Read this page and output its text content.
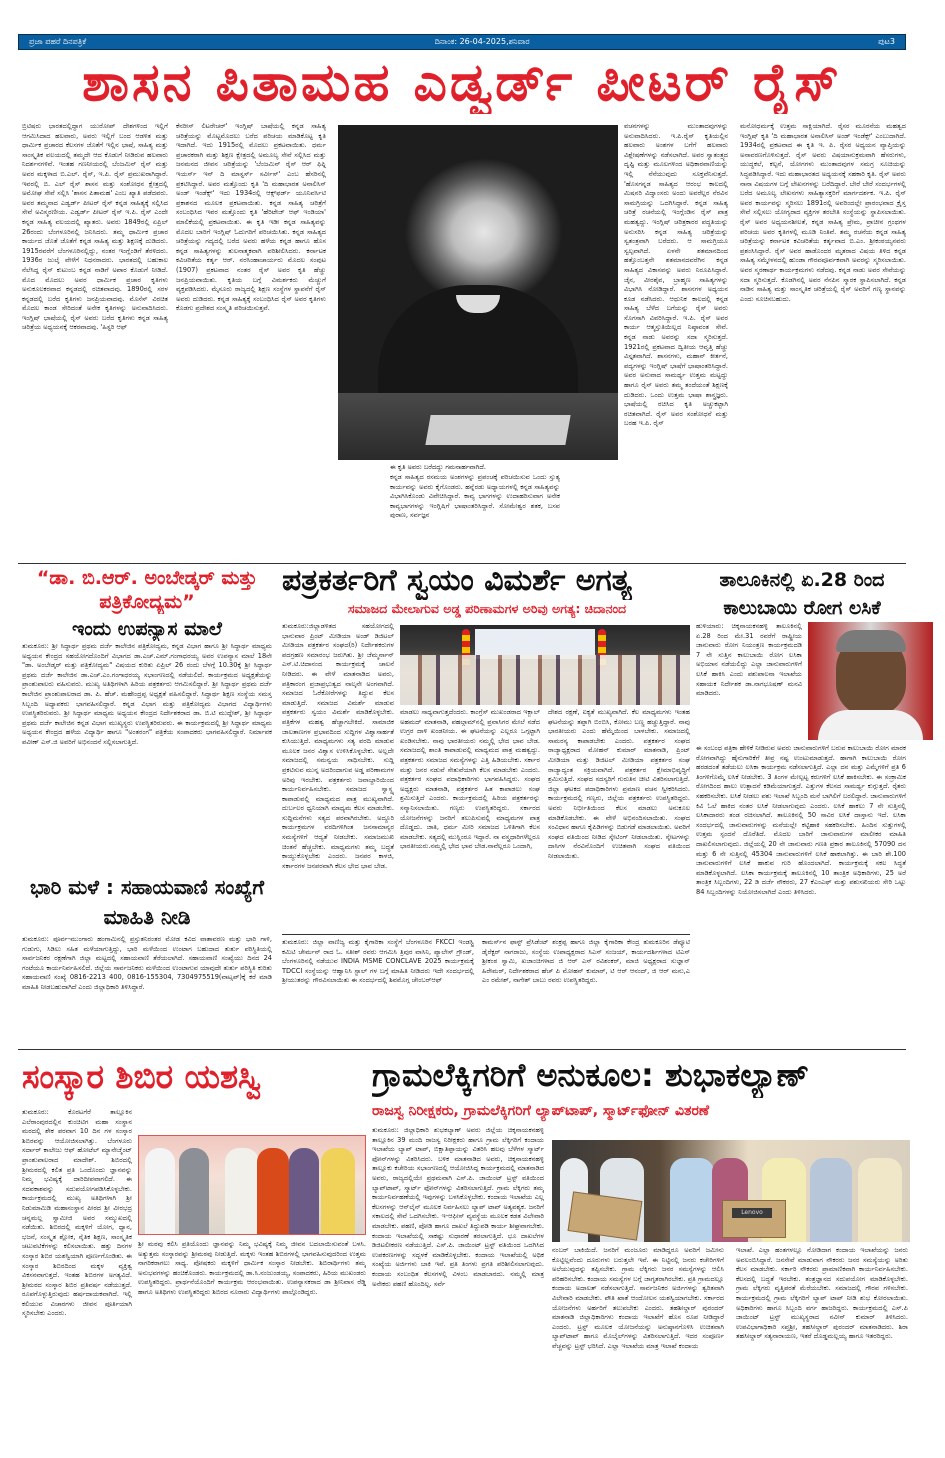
ಪ್ರಜಾ ಪಹರೆ ದಿನಪತ್ರಿಕೆ	ದಿನಾಂಕ: 26-04-2025,ಶನಿವಾರ	ಪುಟ3
ಶಾಸನ ಪಿತಾಮಹ ಎಡ್ವರ್ಡ್ ಪೀಟರ್ ರೈಸ್
ಬ್ರಿಟಿಷರು ಭಾರತದಲ್ಲಿದ್ದಾಗ ಯುರೋಪ್ ದೇಶಗಳಿಂದ ಇಲ್ಲಿಗೆ ಆಗಮಿಸಿದಾದ ಹಲವಾರು, ಅವರು ಇಲ್ಲಿಗೆ ಬಂದ ಆಡಳಿತ ಮತ್ತು ಧಾರ್ಮಿಕ ಪ್ರಚಾರದ ಕೆಲಸಗಳ ಜೊತೆಗೆ ಇಲ್ಲಿನ ಭಾಷೆ, ಸಾಹಿತ್ಯ ಮತ್ತು ಸಾಂಸ್ಕೃತಿಕ ವಲಯದಲ್ಲಿ ತಮ್ಮದೇ ಆದ ಕೊಡುಗೆ ನೀಡಿರುವ ಹಲವಾರು ನಿದರ್ಶನಗಳಿವೆ. ಇಂತಹ ಗಣನೀಯರಲ್ಲಿ ಬೆಂಜಮಿನ್ ರೈಸ್ ಮತ್ತು ಅವರ ಮಕ್ಕಳಾದ ಬಿ.ಎಲ್. ರೈಸ್, ಇ.ಪಿ. ರೈಸ್ ಪ್ರಮುಖರಾಗಿದ್ದಾರೆ. ಇವರಲ್ಲಿ ಬಿ. ಎಲ್ ರೈಸ್ ಶಾಸನ ಮತ್ತು ಸಂಶೋಧನ ಕ್ಷೇತ್ರದಲ್ಲಿ ಅಮೋಘ ಸೇವೆ ಸಲ್ಲಿಸಿ 'ಶಾಸನ ಪಿತಾಮಹ' ಎಂಬ ಖ್ಯಾತಿ ಪಡೆದವರು. ಅವರ ತಮ್ಮನಾದ ಎಡ್ವರ್ಡ್ ಪೀಟರ್ ರೈಸ್ ಕನ್ನಡ ಸಾಹಿತ್ಯಕ್ಕೆ ಸಲ್ಲಿಸಿದ ಸೇವೆ ಅವಿಸ್ಮರಣೀಯ. ಎಡ್ವರ್ಡ್ ಪೀಟರ್ ರೈಸ್ ಇ.ಪಿ. ರೈಸ್ ಎಂದೇ ಕನ್ನಡ ಸಾಹಿತ್ಯ ವಲಯದಲ್ಲಿ ಖ್ಯಾತರು. ಅವರು 1849ರಲ್ಲಿ ಏಪ್ರಿಲ್ 26ರಂದು ಬೆಂಗಳೂರಿನಲ್ಲಿ ಜನಿಸಿದರು. ತಮ್ಮ ಧಾರ್ಮಿಕ ಪ್ರಚಾರ ಕಾರ್ಯದ ಜೊತೆ ಜೊತೆಗೆ ಕನ್ನಡ ಸಾಹಿತ್ಯ ಮತ್ತು ಶಿಕ್ಷಣಕ್ಕೆ ದುಡಿದರು. 1915ರವರೆಗೆ ಬೆಂಗಳೂರಿನಲ್ಲಿದ್ದು, ನಂತರ ಇಂಗ್ಲೆಂಡಿಗೆ ತೆರಳಿದರು. 1936ರ ಜುಲೈ ವೇಳೆಗೆ ನಿಧನರಾದರು. ಭಾರತದಲ್ಲಿ ಬಹುಕಾಲ ನೆಲೆಸಿದ್ದ ರೈಸ್ ಕುಟುಂಬ ಕನ್ನಡ ನಾಡಿಗೆ ಅಪಾರ ಕೊಡುಗೆ ನೀಡಿದೆ. ಮೊದ ಮೊದಲು ಅವರ ಧಾರ್ಮಿಕ ಪ್ರಚಾರ ಕೃತಿಗಳು ಅನುಕೂಲಕರವಾದ ಕನ್ನಡದಲ್ಲಿ ರಚಿತವಾದವು. 1890ರಲ್ಲಿ ಸರಳ ಕನ್ನಡದಲ್ಲಿ ಬರೆದ ಕೃತಿಗಳು ಜನಪ್ರಿಯವಾದವು. ಮೊಸೆಸ್ ವಿರಚಿತ ಮೊದಲ ಕಾಂಡ ಸೇರಿದಂತೆ ಅನೇಕ ಕೃತಿಗಳನ್ನು ಅನುವಾದಿಸಿದರು. ಇಂಗ್ಲಿಷ್ ಭಾಷೆಯಲ್ಲಿ ರೈಸ್ ಅವರು ಬರೆದ ಕೃತಿಗಳು ಕನ್ನಡ ಸಾಹಿತ್ಯ ಚರಿತ್ರೆಯ ಅಧ್ಯಯನಕ್ಕೆ ಆಕರವಾದವು. 'ಹಿಸ್ಟರಿ ಆಫ್
ಕೆನರೀಸ್ ಲಿಟರೇಚರ್' ಇಂಗ್ಲಿಷ್ ಬಾಷೆಯಲ್ಲಿ ಕನ್ನಡ ಸಾಹಿತ್ಯ ಚರಿತ್ರೆಯನ್ನು ಮೊಟ್ಟಮೊದಲು ಬರೆದ ಪರಿಚಯ ಮಾಡಿಕೊಟ್ಟ ಕೃತಿ ಇದಾಗಿದೆ. ಇದು 1915ರಲ್ಲಿ ಮೊದಲು ಪ್ರಕಟವಾಯಿತು. ಧರ್ಮ ಪ್ರಚಾರಕರಾಗಿ ಮತ್ತು ಶಿಕ್ಷಣ ಕ್ಷೇತ್ರದಲ್ಲಿ ಅಮೂಲ್ಯ ಸೇವೆ ಸಲ್ಲಿಸಿದ ಮತ್ತು ಜನಮನದ ಜೀವನ ಚರಿತ್ರೆಯನ್ನು 'ಬೆಂಜಮಿನ್ ರೈಸ್ ಆರ್ ಫಿಫ್ಟಿ ಇಯರ್ಸ್ ಇನ್ ದಿ ಮಾಸ್ಟರ್ಸ್ ಸರ್ವೀಸ್' ಎಂಬ ಹೆಸರಿನಲ್ಲಿ ಪ್ರಕಟಿಸಿದ್ದಾರೆ. ಅವರ ಮತ್ತೊಂದು ಕೃತಿ 'ದಿ ಮಹಾಭಾರತ ಅನಾಲಿಸಿಸ್ ಅಂಡ್ ಇಂಡೆಕ್ಸ್' ಇದು 1934ರಲ್ಲಿ ಆಕ್ಸ್‌ಫರ್ಡ್ ಯೂನಿವರ್ಸಿಟಿ ಪ್ರಕಾಶನದ ಮೂಲಕ ಪ್ರಕಟವಾಯಿತು. ಕನ್ನಡ ಸಾಹಿತ್ಯ ಚರಿತ್ರೆಗೆ ಸಂಬಂಧಿಸಿದ ಇವರ ಮತ್ತೊಂದು ಕೃತಿ 'ಹೆರಿಟೇಜ್ ಆಫ್ ಇಂಡಿಯಾ' ಮಾಲಿಕೆಯಲ್ಲಿ ಪ್ರಕಟವಾಯಿತು. ಈ ಕೃತಿ ಇಡೀ ಕನ್ನಡ ಸಾಹಿತ್ಯವನ್ನು ಮೊದಲ ಬಾರಿಗೆ ಇಂಗ್ಲಿಷ್ ಓದುಗರಿಗೆ ಪರಿಚಯಿಸಿತು. ಕನ್ನಡ ಸಾಹಿತ್ಯದ ಚರಿತ್ರೆಯನ್ನು ಗದ್ಯದಲ್ಲಿ ಬರೆದ ಅವರು ಹಳೆಯ ಕನ್ನಡ ಹಾಗೂ ಹೊಸ ಕನ್ನಡ ಸಾಹಿತ್ಯಗಳನ್ನು ತುಲನಾತ್ಮಕವಾಗಿ ಪರಿಶೀಲಿಸಿದರು. ಕರ್ನಾಟಕ ಕವಿಚರಿತೆಯ ಕರ್ತೃ ಆರ್. ನರಸಿಂಹಾಚಾರ್ಯರು ಮೊದಲ ಸಂಪುಟ (1907) ಪ್ರಕಟವಾದ ನಂತರ ರೈಸ್ ಅವರ ಕೃತಿ ಹೆಚ್ಚು ಜನಪ್ರಿಯವಾಯಿತು. ಕೃತಿಯ ಬಗ್ಗೆ ವಿಮರ್ಶಕರು ಮೆಚ್ಚುಗೆ ವ್ಯಕ್ತಪಡಿಸಿದರು. ಮೈಸೂರು ರಾಜ್ಯದಲ್ಲಿ ಶಿಕ್ಷಣ ಸಂಸ್ಥೆಗಳ ಸ್ಥಾಪನೆಗೆ ರೈಸ್ ಅವರು ದುಡಿದರು. ಕನ್ನಡ ಸಾಹಿತ್ಯಕ್ಕೆ ಸಂಬಂಧಿಸಿದ ರೈಸ್ ಅವರ ಕೃತಿಗಳು ಕೊಡಗು ಪ್ರದೇಶದ ಸಂಸ್ಕೃತಿ ಪರಿಚಯಿಸುತ್ತವೆ.
ಈ ಕೃತಿ ಅವರು ಬರೆದದ್ದು ಗಮನಾರ್ಹವಾಗಿದೆ.
ಕನ್ನಡ ಸಾಹಿತ್ಯದ ರಸಮಯ ಅಂಶಗಳನ್ನು ಪ್ರಪಂಚಕ್ಕೆ ಪರಿಚಯಿಸುವ ಒಂದು ಸ್ತುತ್ಯ ಕಾರ್ಯವನ್ನು ಅವರು ಕೈಗೊಂಡರು. ಹನ್ನೆರಡು ಅಧ್ಯಾಯಗಳಲ್ಲಿ ಕನ್ನಡ ಸಾಹಿತ್ಯವನ್ನು ವಿಭಾಗಿಸಿಕೊಂಡು ವಿವೇಚಿಸಿದ್ದಾರೆ. ಕಾವ್ಯ ಭಾಗಗಳನ್ನು ಉದಾಹರಿಸುವಾಗ ಅನೇಕ ಕಾವ್ಯಭಾಗಗಳನ್ನು ಇಂಗ್ಲಿಷಿಗೆ ಭಾಷಾಂತರಿಸಿದ್ದಾರೆ. ಸೋಮೇಶ್ವರ ಶತಕ, ಬಸವ ಪುರಾಣ, ಸರ್ವಜ್ಞನ
ವಚನಗಳನ್ನು ಮುಂತಾದವುಗಳನ್ನು ಅನುವಾದಿಸಿದರು. ಇ.ಪಿ.ರೈಸ್ ಕೃತಿಯಲ್ಲಿನ ಹಲವಾರು ಅಂಶಗಳ ಬಗೆಗೆ ಹಲವಾರು ವಿಶ್ಲೇಷಣೆಗಳನ್ನು ನಡೆಸಲಾಗಿದೆ. ಅವರ ಸ್ವಾತಂತ್ರ್ಯದ ದೃಷ್ಟಿ ಮತ್ತು ಮೂಲಗಳಿಂದ ಅಧಿಕಾರವಾಣಿಯನ್ನು ಇಲ್ಲಿ ನೆನೆಯುವುದು ಸೂಕ್ತವೆನಿಸುತ್ತದೆ. 'ಹೊಸಗನ್ನಡ ಸಾಹಿತ್ಯದ ಆರಂಭ ಕಾಲದಲ್ಲಿ ಮಿಷನರಿ ವಿದ್ವಾಂಸರು ಅಂದು ಅವರೆಲ್ಲರ ನೆರವಿನ ಸಾಮಗ್ರಿಯನ್ನು ಒದಗಿಸಿದ್ದಾರೆ. ಕನ್ನಡ ಸಾಹಿತ್ಯ ಚರಿತ್ರೆ ರಚನೆಯಲ್ಲಿ ಇಂಗ್ಲೆಂಡಿನ ರೈಸ್ ಪಾತ್ರ ಮಹತ್ವದ್ದು. ಇಂಗ್ಲಿಷ್ ಚರಿತ್ರಕಾರರ ಪದ್ಧತಿಯನ್ನು ಅನುಸರಿಸಿ ಕನ್ನಡ ಸಾಹಿತ್ಯ ಚರಿತ್ರೆಯನ್ನು ಸ್ವತಂತ್ರವಾಗಿ ಬರೆದರು. ಆ ಸಾಮಗ್ರಿಯೂ ಸ್ವಲ್ಪವಾಗಿದೆ. ಏಳನೇ ಶತಮಾನದಿಂದ ಹತ್ತೊಂಬತ್ತನೇ ಶತಮಾನದವರೆಗಿನ ಕನ್ನಡ ಸಾಹಿತ್ಯದ ವಿಕಾಸವನ್ನು ಅವರು ನಿರೂಪಿಸಿದ್ದಾರೆ. ಜೈನ, ವೀರಶೈವ, ಬ್ರಾಹ್ಮಣ ಸಾಹಿತ್ಯಗಳನ್ನು ವಿಭಾಗಿಸಿ ನೋಡಿದ್ದಾರೆ. ಶಾಸನಗಳ ಅಧ್ಯಯನ ಕೂಡ ನಡೆಸಿದರು. ಆಧುನಿಕ ಕಾಲದಲ್ಲಿ ಕನ್ನಡ ಸಾಹಿತ್ಯ ಬೆಳೆದ ಬಗೆಯನ್ನು ರೈಸ್ ಅವರು ಸೊಗಸಾಗಿ ವಿವರಿಸಿದ್ದಾರೆ. ಇ.ಪಿ. ರೈಸ್ ಅವರ ಕಾರ್ಯ ಆತ್ಮಸ್ತುತಿಯಿಲ್ಲದ ನಿಷ್ಠಾವಂತ ಸೇವೆ. ಕನ್ನಡ ನಾಡು ಅವರನ್ನು ಸದಾ ಸ್ಮರಿಸುತ್ತದೆ. 1921ರಲ್ಲಿ ಪ್ರಕಟವಾದ ದ್ವಿತೀಯ ಆವೃತ್ತಿ ಹೆಚ್ಚು ವಿಸ್ತೃತವಾಗಿದೆ. ಶಾಸನಗಳು, ಮಹಾನ್ ಕೀರ್ತನೆ, ಪದ್ಯಗಳನ್ನು ಇಂಗ್ಲಿಷ್ ಭಾಷೆಗೆ ಭಾಷಾಂತರಿಸಿದ್ದಾರೆ. ಅವರ ಅನುವಾದ ಸಾಮರ್ಥ್ಯ ಉತ್ತಮ ಮಟ್ಟದ್ದು ಹಾಗೂ ರೈಸ್ ಅವರು ತಮ್ಮ ತಂದೆಯಂತೆ ಶಿಕ್ಷಣಕ್ಕೆ ದುಡಿದರು. ಒಂದು ಉತ್ತಮ ಭಾಷಾ ಶಾಸ್ತ್ರಜ್ಞರು. ಭಾಷೆಯಲ್ಲಿ ರಚಿಸಿದ ಕೃತಿ ಅಚ್ಚುಕಟ್ಟಾಗಿ ರಚಿತವಾಗಿದೆ. ರೈಸ್ ಅವರ ಸಂಶೋಧನೆ ಮತ್ತು ಬರಹ ಇ.ಪಿ. ರೈಸ್
ಮನೋಧರ್ಮಕ್ಕೆ ಉತ್ತಮ ಸಾಕ್ಷಿಯಾಗಿದೆ. ರೈಸರ ಮೂರನೆಯ ಮಹತ್ವದ ಇಂಗ್ಲಿಷ್ ಕೃತಿ 'ದಿ ಮಹಾಭಾರತ ಅನಾಲಿಸಿಸ್ ಅಂಡ್ ಇಂಡೆಕ್ಸ್' ಎಂಬುದಾಗಿದೆ. 1934ರಲ್ಲಿ ಪ್ರಕಟವಾದ ಈ ಕೃತಿ ಇ. ಪಿ. ರೈಸರ ಅಧ್ಯಯನ ವ್ಯಾಪ್ತಿಯನ್ನು ಅನಾವರಣಗೊಳಿಸುತ್ತದೆ. ರೈಸ್ ಅವರು ವಿಷಯಾನುಕ್ರಮವಾಗಿ ಹೆಸರುಗಳು, ಯುದ್ಧಕಲೆ, ಕಲ್ಪನೆ, ಯೋಗಗಳು ಮುಂತಾದವುಗಳ ಸಮಗ್ರ ಸೂಚಿಯನ್ನು ಸಿದ್ಧಪಡಿಸಿದ್ದಾರೆ. ಇದು ಮಹಾಭಾರತದ ಅಧ್ಯಯನಕ್ಕೆ ಸಹಕಾರಿ ಕೃತಿ. ರೈಸ್ ಅವರು ನಾನಾ ವಿಷಯಗಳ ಬಗ್ಗೆ ಲೇಖನಗಳನ್ನು ಬರೆದಿದ್ದಾರೆ. ಬೇರೆ ಬೇರೆ ಸಂದರ್ಭಗಳಲ್ಲಿ ಬರೆದ ಅಮೂಲ್ಯ ಲೇಖನಗಳು ಸಾಹಿತ್ಯಾಸಕ್ತರಿಗೆ ಮಾರ್ಗದರ್ಶಕ. ಇ.ಪಿ. ರೈಸ್ ಅವರ ಕಾರ್ಯವನ್ನು ಸ್ಮರಿಸಲು 1891ರಲ್ಲಿ ಅವರಿಂದಲ್ಲೇ ಪ್ರಾರಂಭವಾದ ಕ್ರೈಸ್ತ ಸೇವೆ ಸಲ್ಲಿಸಲು ಯೋಗ್ಯರಾದ ವ್ಯಕ್ತಿಗಳ ತರಬೇತಿ ಸಂಸ್ಥೆಯನ್ನು ಸ್ಥಾಪಿಸಲಾಯಿತು. ರೈಸ್ ಅವರ ಅಧ್ಯಯನಶೀಲತೆ, ಕನ್ನಡ ಸಾಹಿತ್ಯ ಪ್ರೇಮ, ಪ್ರಾಚೀನ ಗ್ರಂಥಗಳ ಪರಿಚಯ ಅವರ ಕೃತಿಗಳಲ್ಲಿ ಮೂಡಿ ನಿಂತಿವೆ. ತಮ್ಮ ರಚನೆಯ ಕನ್ನಡ ಸಾಹಿತ್ಯ ಚರಿತ್ರೆಯನ್ನು ಕರ್ನಾಟಕ ಕವಿಚರಿತೆಯ ಕರ್ತೃವಾದ ಬಿ.ಎಂ. ಶ್ರೀಕಂಠಯ್ಯನವರು ಪ್ರಶಂಸಿಸಿದ್ದಾರೆ. ರೈಸ್ ಅವರ ಹಾಡೊಂದರ ಮೃತರಾದ ವಿಷಯ ತಿಳಿದ ಕನ್ನಡ ಸಾಹಿತ್ಯ ಸಮ್ಮೇಳನದಲ್ಲಿ ಹುಂಡಾ ಗೌರವಪೂರ್ವಕವಾಗಿ ಅವರನ್ನು ಸ್ಮರಿಸಲಾಯಿತು. ಅವರ ಸ್ಮರಣಾರ್ಥ ಕಾರ್ಯಕ್ರಮಗಳು ನಡೆದವು. ಕನ್ನಡ ನಾಡು ಅವರ ಸೇವೆಯನ್ನು ಸದಾ ಸ್ಮರಿಸುತ್ತದೆ. ಕೊಡಗಿನಲ್ಲಿ ಅವರ ನೆನಪಿನ ಸ್ಮಾರಕ ಸ್ಥಾಪಿಸಲಾಗಿದೆ. ಕನ್ನಡ ನಾಡಿನ ಸಾಹಿತ್ಯ ಮತ್ತು ಸಾಂಸ್ಕೃತಿಕ ಚರಿತ್ರೆಯಲ್ಲಿ ರೈಸ್ ಅವರಿಗೆ ಗಣ್ಯ ಸ್ಥಾನವನ್ನು ಎಂದು ಸೂಚಿಸಬಹುದು.
“ಡಾ. ಬಿ.ಆರ್. ಅಂಬೇಡ್ಕರ್ ಮತ್ತು ಪತ್ರಿಕೋದ್ಯಮ”
ಇಂದು ಉಪನ್ಯಾಸ ಮಾಲೆ
ತುಮಕೂರು: ಶ್ರೀ ಸಿದ್ಧಾರ್ಥ ಪ್ರಥಮ ದರ್ಜೆ ಕಾಲೇಜಿನ ಪತ್ರಿಕೋದ್ಯಮ, ಕನ್ನಡ ವಿಭಾಗ ಹಾಗೂ ಶ್ರೀ ಸಿದ್ಧಾರ್ಥ ಮಾಧ್ಯಮ ಅಧ್ಯಯನ ಕೇಂದ್ರದ ಸಹಯೋಗದೊಂದಿಗೆ ವಿಭಾಗದ ಡಾ.ಎಚ್.ಎಮ್.ಗಂಗಾಧರಯ್ಯ ಅವರ ಉಪನ್ಯಾಸ ಮಾಲೆ 18ನೇ "ಡಾ. ಅಂಬೇಡ್ಕರ್ ಮತ್ತು ಪತ್ರಿಕೋದ್ಯಮ" ವಿಷಯದ ಕುರಿತು ಏಪ್ರಿಲ್ 26 ರಂದು ಬೆಳಗ್ಗೆ 10.30ಕ್ಕೆ ಶ್ರೀ ಸಿದ್ಧಾರ್ಥ ಪ್ರಥಮ ದರ್ಜೆ ಕಾಲೇಜಿನ ಡಾ.ಎಚ್.ಎಂ.ಗಂಗಾಧರಯ್ಯ ಸಭಾಂಗಣದಲ್ಲಿ ನಡೆಯಲಿದೆ. ಕಾರ್ಯಕ್ರಮದ ಅಧ್ಯಕ್ಷತೆಯನ್ನು ಪ್ರಾಂಶುಪಾಲರು ವಹಿಸುವರು. ಮುಖ್ಯ ಅತಿಥಿಗಳಾಗಿ ಹಿರಿಯ ಪತ್ರಕರ್ತರು ಆಗಮಿಸಲಿದ್ದಾರೆ. ಶ್ರೀ ಸಿದ್ಧಾರ್ಥ ಪ್ರಥಮ ದರ್ಜೆ ಕಾಲೇಜಿನ ಪ್ರಾಂಶುಪಾಲರಾದ ಡಾ. ಪಿ. ಹೆಚ್. ಮಹೇಂದ್ರಪ್ಪ ಅಧ್ಯಕ್ಷತೆ ವಹಿಸಲಿದ್ದಾರೆ. ಸಿದ್ಧಾರ್ಥ ಶಿಕ್ಷಣ ಸಂಸ್ಥೆಯ ಸಮಸ್ತ ಸಿಬ್ಬಂದಿ ಅಧ್ಯಾಪಕರು ಭಾಗವಹಿಸಲಿದ್ದಾರೆ. ಕನ್ನಡ ವಿಭಾಗ ಮತ್ತು ಪತ್ರಿಕೋದ್ಯಮ ವಿಭಾಗದ ವಿದ್ಯಾರ್ಥಿಗಳು ಉಪಸ್ಥಿತರಿರುವರು. ಶ್ರೀ ಸಿದ್ಧಾರ್ಥ ಮಾಧ್ಯಮ ಅಧ್ಯಯನ ಕೇಂದ್ರದ ನಿರ್ದೇಶಕರಾದ ಡಾ. ಬಿ.ಟಿ ಮುದ್ದೇಶ್, ಶ್ರೀ ಸಿದ್ಧಾರ್ಥ ಪ್ರಥಮ ದರ್ಜೆ ಕಾಲೇಜಿನ ಕನ್ನಡ ವಿಭಾಗ ಮುಖ್ಯಸ್ಥರು ಉಪಸ್ಥಿತರಿರುವರು. ಈ ಕಾರ್ಯಕ್ರಮದಲ್ಲಿ ಶ್ರೀ ಸಿದ್ಧಾರ್ಥ ಮಾಧ್ಯಮ ಅಧ್ಯಯನ ಕೇಂದ್ರದ ಹಳೆಯ ವಿದ್ಯಾರ್ಥಿ ಹಾಗೂ "ಅಂತರಂಗ" ಪತ್ರಿಕೆಯ ಸಂಪಾದಕರು ಭಾಗವಹಿಸಲಿದ್ದಾರೆ. ನಿರ್ಮಾಪಕ ಪವೀಣ್ ಎಸ್.ಜಿ ಅವರಿಗೆ ಅಭಿನಂದನೆ ಸಲ್ಲಿಸಲಾಗುತ್ತಿದೆ.
ಭಾರಿ ಮಳೆ : ಸಹಾಯವಾಣಿ ಸಂಖ್ಯೆಗೆ ಮಾಹಿತಿ ನೀಡಿ
ತುಮಕೂರು: ಪೂರ್ವ-ಮುಂಗಾರು ಹಂಗಾಮಿನಲ್ಲಿ ಪ್ರಸ್ತುತನಿರಂತರ ಮೋಡ ಕವಿದ ವಾತಾವರಣ ಮತ್ತು ಭಾರಿ ಗಾಳಿ, ಗುಡುಗು, ಸಿಡಿಲು ಸಹಿತ ಮಳೆಯಾಗುತ್ತಿದ್ದು, ಭಾರಿ ಮಳೆಯಿಂದ ಉಂಟಾಗ ಬಹುದಾದ ತುರ್ತು ಪರಿಸ್ಥಿತಿಯಲ್ಲಿ ಸಾರ್ವಜನಿಕರ ರಕ್ಷಣೆಗಾಗಿ ಜಿಲ್ಲಾ ಮಟ್ಟದಲ್ಲಿ ಸಹಾಯವಾಣಿ ತೆರೆಯಲಾಗಿದೆ. ಸಹಾಯವಾಣಿ ಸಂಖ್ಯೆಯು ದಿನದ 24 ಗಂಟೆಯೂ ಕಾರ್ಯನಿರ್ವಹಿಸಲಿದೆ. ಜಿಲ್ಲೆಯ ಸಾರ್ವಜನಿಕರು ಮಳೆಯಿಂದ ಉಂಟಾಗುವ ಯಾವುದೇ ತುರ್ತು ಪರಿಸ್ಥಿತಿ ಕುರಿತು ಸಹಾಯವಾಣಿ ಸಂಖ್ಯೆ 0816-2213 400, 0816-155304, 7304975519(ವಾಟ್ಸಪ್)ಕ್ಕೆ ಕರೆ ಮಾಡಿ ಮಾಹಿತಿ ನೀಡಬಹುದಾಗಿದೆ ಎಂದು ಜಿಲ್ಲಾಧಿಕಾರಿ ತಿಳಿಸಿದ್ದಾರೆ.
ಪತ್ರಕರ್ತರಿಗೆ ಸ್ವಯಂ ವಿಮರ್ಶೆ ಅಗತ್ಯ
ಸಮಾಜದ ಮೇಲಾಗುವ ಅಡ್ಡ ಪರಿಣಾಮಗಳ ಅರಿವು ಅಗತ್ಯ: ಚಿದಾನಂದ
ತುಮಕೂರು:ಜಿಲ್ಲಾಡಳಿತದ ಸಹಯೋಗದಲ್ಲಿ ಭಾನುವಾರ ಪ್ರಿಂಟ್ ಮೀಡಿಯಾ ಅಂಡ್ ಡಿಜಿಟಲ್ ಮೀಡಿಯಾ ಪತ್ರಕರ್ತರ ಸಂಘದ(ರಿ) ನಿರ್ದೇಶಕರುಗಳ ಪದಗ್ರಹಣ ಸಮಾರಂಭ ಜರುಗಿತು. ಶ್ರೀ ಜೆಮ್ಮರ್ನಾನ್ ಎಸ್.ಟಿ.ಚಿದಾನಂದ ಕಾರ್ಯಕ್ರಮಕ್ಕೆ ಚಾಲನೆ ನೀಡಿದರು. ಈ ವೇಳೆ ಮಾತನಾಡಿದ ಅವರು, ಪತ್ರಿಕಾರಂಗ ಪ್ರಜಾಪ್ರಭುತ್ವದ ನಾಲ್ಕನೇ ಅಂಗವಾಗಿದೆ. ಸಮಾಜದ ಓರೆಕೋರೆಗಳನ್ನು ತಿದ್ದುವ ಕೆಲಸ ಮಾಡುತ್ತಿದೆ. ಸಮಾಜದ ವಿಮರ್ಶೆ ಮಾಡುವ ಪತ್ರಕರ್ತರು ಸ್ವಯಂ ವಿಮರ್ಶೆ ಮಾಡಿಕೊಳ್ಳಬೇಕು. ಪತ್ರಿಕೆಗಳ ಮಹತ್ವ ಹೆಚ್ಚಾಗಬೇಕಿದೆ. ಸಾಮಾಜಿಕ ಜಾಲತಾಣಗಳ ಪ್ರಭಾವದಿಂದ ಸುದ್ದಿಗಳ ವಿಶ್ವಾಸಾರ್ಹತೆ ಕುಸಿಯುತ್ತಿದೆ. ಮಾಧ್ಯಮಗಳು ಸತ್ಯ ವರದಿ ಮಾಡುವ ಮೂಲಕ ಜನರ ವಿಶ್ವಾಸ ಉಳಿಸಿಕೊಳ್ಳಬೇಕು. ಅಲ್ಲದೇ ಸಮಾಜದಲ್ಲಿ ಸಮನ್ವಯ ಸಾಧಿಸಬೇಕು. ಸುದ್ದಿ ಪ್ರಕಟಿಸುವ ಮುನ್ನ ಅದರಿಂದಾಗುವ ಅಡ್ಡ ಪರಿಣಾಮಗಳ ಅರಿವು ಇರಬೇಕು. ಪತ್ರಕರ್ತರು ಜವಾಬ್ದಾರಿಯಿಂದ ಕಾರ್ಯನಿರ್ವಹಿಸಬೇಕು. ಸಮಾಜದ ಸ್ವಾಸ್ಥ್ಯ ಕಾಪಾಡುವಲ್ಲಿ ಮಾಧ್ಯಮದ ಪಾತ್ರ ಮುಖ್ಯವಾಗಿದೆ. ದುರ್ಬಲರ ಧ್ವನಿಯಾಗಿ ಮಾಧ್ಯಮ ಕೆಲಸ ಮಾಡಬೇಕು. ಸುದ್ದಿಮನೆಗಳು ಸತ್ಯದ ಪರವಾಗಿರಬೇಕು. ಅದ್ದೂರಿ ಕಾರ್ಯಕ್ರಮಗಳ ವರದಿಗಳಿಗಿಂತ ಜನಸಾಮಾನ್ಯರ ಸಮಸ್ಯೆಗಳಿಗೆ ಆದ್ಯತೆ ನೀಡಬೇಕು. ಸಮಾಜಮುಖಿ ಚಿಂತನೆ ಹೆಚ್ಚಬೇಕು. ಮಾಧ್ಯಮಗಳು ತಮ್ಮ ಬದ್ಧತೆ ಕಾಯ್ದುಕೊಳ್ಳಬೇಕು ಎಂದರು. ಜನಪರ ಕಾಳಜಿ, ಸರ್ಕಾರಗಳ ಜನಪರವಾಗಿ ಕೆಲಸ ಭೇದ ಭಾವ ಬೇಡ.
ಮಾಡಲು ಸಾಧ್ಯವಾಗುತ್ತದೆಂದರು. ಕಾಂಗ್ರೆಸ್ ಮುಖಂಡರಾದ ಇಕ್ಬಾಲ್ ಅಹಮದ್ ಮಾತನಾಡಿ, ಪಹಲ್ಗಾಮ್‌ನಲ್ಲಿ ಪ್ರವಾಸಿಗರ ಮೇಲೆ ನಡೆದ ಉಗ್ರರ ದಾಳಿ ಖಂಡನೀಯ. ಈ ಘಟನೆಯನ್ನು ಎಲ್ಲರೂ ಒಗ್ಗಟ್ಟಾಗಿ ಖಂಡಿಸಬೇಕು. ನಾವು ಭಾರತೀಯರು ನಮ್ಮಲ್ಲಿ ಭೇದ ಭಾವ ಬೇಡ. ಸಮಾಜದಲ್ಲಿ ಶಾಂತಿ ಕಾಪಾಡುವಲ್ಲಿ ಮಾಧ್ಯಮದ ಪಾತ್ರ ಮಹತ್ವದ್ದು. ಪತ್ರಕರ್ತರು ಸಮಾಜದ ಸಮಸ್ಯೆಗಳನ್ನು ಎತ್ತಿ ಹಿಡಿಯಬೇಕು. ಸರ್ಕಾರ ಮತ್ತು ಜನರ ನಡುವೆ ಸೇತುವೆಯಾಗಿ ಕೆಲಸ ಮಾಡಬೇಕು ಎಂದರು. ಪತ್ರಕರ್ತರ ಸಂಘದ ಪದಾಧಿಕಾರಿಗಳು ಭಾಗವಹಿಸಿದ್ದರು. ಸಂಘದ ಅಧ್ಯಕ್ಷರು ಮಾತನಾಡಿ, ಪತ್ರಕರ್ತರ ಹಿತ ಕಾಪಾಡಲು ಸಂಘ ಶ್ರಮಿಸುತ್ತಿದೆ ಎಂದರು. ಕಾರ್ಯಕ್ರಮದಲ್ಲಿ ಹಿರಿಯ ಪತ್ರಕರ್ತರನ್ನು ಸನ್ಮಾನಿಸಲಾಯಿತು. ಗಣ್ಯರು ಉಪಸ್ಥಿತರಿದ್ದರು. ಸರ್ಕಾರದ ಯೋಜನೆಗಳನ್ನು ಜನರಿಗೆ ತಲುಪಿಸುವಲ್ಲಿ ಮಾಧ್ಯಮಗಳ ಪಾತ್ರ ದೊಡ್ಡದು. ಜಾತಿ, ಧರ್ಮ ಮೀರಿ ಸಮಾಜದ ಒಳಿತಿಗಾಗಿ ಕೆಲಸ ಮಾಡಬೇಕು. ಸತ್ಯದಲ್ಲಿ ಮುಸ್ಲಿಂರೂ ಇದ್ದಾರೆ. ನಾ ವಸ್ತ್ರಧಾರಿಗಳೆಲ್ಲರೂ ಭಾರತೀಯರು.ನಮ್ಮಲ್ಲಿ ಭೇದ ಭಾವ ಬೇಡ.ನಾವೆಲ್ಲರೂ ಒಂದಾಗಿ,
ದೇಶದ ರಕ್ಷಣೆ, ಐಕ್ಯತೆ ಮುಖ್ಯವಾಗಿದೆ. ಕೆಲ ಮಾಧ್ಯಮಗಳು ಇಂತಹ ಘಟನೆಯನ್ನು ತಪ್ಪಾಗಿ ಬಿಂಬಿಸಿ, ಕೋಮು ಬಣ್ಣ ಹಚ್ಚುತ್ತಿದ್ದಾರೆ. ನಾವು ಭಾರತೀಯರು ಎಂದು ಹೆಮ್ಮೆಯಿಂದ ಬಾಳಬೇಕು. ಸಮಾಜದಲ್ಲಿ ಸಾಮರಸ್ಯ ಕಾಪಾಡಬೇಕು ಎಂದರು. ಪತ್ರಕರ್ತರ ಸಂಘದ ರಾಜ್ಯಾಧ್ಯಕ್ಷರಾದ ಮೋಹನ್ ಕುಮಾರ್ ಮಾತನಾಡಿ, ಪ್ರಿಂಟ್ ಮೀಡಿಯಾ ಮತ್ತು ಡಿಜಿಟಲ್ ಮೀಡಿಯಾ ಪತ್ರಕರ್ತರ ಸಂಘ ರಾಜ್ಯಾದ್ಯಂತ ಸಕ್ರಿಯವಾಗಿದೆ. ಪತ್ರಕರ್ತರ ಕ್ಷೇಮಾಭಿವೃದ್ಧಿಗೆ ಶ್ರಮಿಸುತ್ತಿದೆ. ಸಂಘದ ಸದಸ್ಯರಿಗೆ ಗುರುತಿನ ಚೀಟಿ ವಿತರಿಸಲಾಗುತ್ತಿದೆ. ಜಿಲ್ಲಾ ಘಟಕದ ಪದಾಧಿಕಾರಿಗಳು ಪ್ರಮಾಣ ವಚನ ಸ್ವೀಕರಿಸಿದರು. ಕಾರ್ಯಕ್ರಮದಲ್ಲಿ ಗಣ್ಯರು, ಜಿಲ್ಲೆಯ ಪತ್ರಕರ್ತರು ಉಪಸ್ಥಿತರಿದ್ದರು. ಅವರು ನಿರ್ಭೀತಿಯಿಂದ ಕೆಲಸ ಮಾಡಲು ಅನುಕೂಲ ಮಾಡಿಕೊಡಬೇಕು. ಈ ವೇಳೆ ಅಭಿನಂದಿಸಲಾಯಿತು. ಸಂಘದ ಸಂವಿಧಾನ ಹಾಗೂ ಕೈಪಿಡಿಗಳನ್ನು ಬಿಡುಗಡೆ ಮಾಡಲಾಯಿತು. ಅವರಿಗೆ ಸಂಘದ ವತಿಯಿಂದ ನೀಡಿದ ಸ್ಕೇಟಿಂಗ್ ನೀಡಲಾಯಿತು. ಸ್ಕೇಟಗಳನ್ನು ದಾಸಿಗಳ ನೆರವಿನೊಂದಿಗೆ ಉಚಿತವಾಗಿ ಸಂಘದ ವತಿಯಿಂದ ನೀಡಲಾಯಿತು.
ತುಮಕೂರು: ಜಿಲ್ಲಾ ವಾಣಿಜ್ಯ ಮತ್ತು ಕೈಗಾರಿಕಾ ಸಂಸ್ಥೆಗೆ ಬೆಂಗಳೂರಿನ FKCCI ಇಂಡಸ್ಟ್ರಿ ಕಮಿಟಿ ಚೇರ್ಮನ್ ರಾದ ಓ. ಸತೀಶ್ ರವರು ಆಗಮಿಸಿ ತ್ರಿಪುರ ವಾಸಿನಿ, ಪ್ಯಾಲೇಸ್ ಗ್ರೌಂಡ್, ಬೆಂಗಳೂರಿನಲ್ಲಿ ನಡೆಯುವ INDIA MSME CONCLAVE 2025 ಕಾರ್ಯಕ್ರಮಕ್ಕೆ TDCCI ಸಂಸ್ಥೆಯನ್ನು ಆಹ್ವಾನಿಸಿ ಸ್ಟಾಲ್ ಗಳ ಬಗ್ಗೆ ಮಾಹಿತಿ ನೀಡಿದರು ಇದೇ ಸಂದರ್ಭದಲ್ಲಿ ಶ್ರೀಯುತರನ್ನು ಗೌರವಿಸಲಾಯಿತು ಈ ಸಂದರ್ಭದಲ್ಲಿ ಶಿವಮೊಗ್ಗ ಚೇಂಬರ್‌ಆಫ್
ಕಾಮರ್ಸ್‌ನ ಫಾಸ್ಟ್ ಪ್ರೆಸಿಡೆಂಟ್ ಶಂಕ್ರಪ್ಪ ಹಾಗೂ ಜಿಲ್ಲಾ ಕೈಗಾರಿಕಾ ಕೇಂದ್ರ ತುಮಕೂರಿನ ಡೆಪ್ಯೂಟಿ ಡೈರೆಕ್ಟರ್ ನಾಗರಾಜು, ಸಂಸ್ಥೆಯ ಉಪಾಧ್ಯಕ್ಷರಾದ ಸಿಎಸ್ ಸಂಜಯ್, ಕಾರ್ಯದರ್ಶಿಗಳಾದ ಟಿಎಸ್ ಶ್ರೀಕಂಠ ಸ್ವಾಮಿ, ಖಜಾಂಚಿಗಳಾದ ಜಿ ಆರ್ ಎಸ್ ರವಿಶಂಕರ್, ಮಾಜಿ ಅಧ್ಯಕ್ಷರಾದ ಸುಜ್ಞಾನ್ ಹಿರೇಮಠ್, ನಿರ್ದೇಶಕರಾದ ಹೆಚ್ ಪಿ ಮೋಹನ್ ಕುಮಾರ್, ಟಿ ಆರ್ ಆನಂದ್, ಜಿ ಆರ್ ಮನು,ಎ ಎಂ ರಮೇಶ್, ನಾಗೇಶ್ ಬಾಬು ರವರು ಉಪಸ್ಥಿತರಿದ್ದರು.
ತಾಲೂಕಿನಲ್ಲಿ ಏ.28 ರಿಂದ ಕಾಲುಬಾಯಿ ರೋಗ ಲಸಿಕೆ
ಹುಳಿಯಾರು: ಚಿಕ್ಕನಾಯಕನಹಳ್ಳಿ ತಾಲೂಕಿನಲ್ಲಿ ಏ.28 ರಿಂದ ಮೇ.31 ರವರೆಗೆ ರಾಷ್ಟ್ರೀಯ ಜಾನುವಾರು ರೋಗ ನಿಯಂತ್ರಣ ಕಾರ್ಯಕ್ರಮದಡಿ 7 ನೇ ಸುತ್ತಿನ ಕಾಲುಬಾಯಿ ರೋಗ ಲಸಿಕಾ ಅಭಿಯಾನ ನಡೆಯಲಿದ್ದು ಎಲ್ಲಾ ಜಾನುವಾರುಗಳಿಗೆ ಲಸಿಕೆ ಹಾಕಿಸಿ ಎಂದು ಪಶುಪಾಲನಾ ಇಲಾಖೆಯ ಸಹಾಯಕ ನಿರ್ದೇಶಕ ಡಾ.ನಾಗಭೂಷಣ್ ಮನವಿ ಮಾಡಿದರು.
ಈ ಸಂಬಂಧ ಪತ್ರಿಕಾ ಹೇಳಿಕೆ ನೀಡಿರುವ ಅವರು ಜಾನುವಾರುಗಳಿಗೆ ಬರುವ ಕಾಲುಬಾಯಿ ರೋಗ ಮಾರಕ ರೋಗವಾಗಿದ್ದು ಹೈನುಗಾರಿಕೆಗೆ ತೀವ್ರ ನಷ್ಟ ಉಂಟುಮಾಡುತ್ತದೆ. ಹಾಗಾಗಿ ಕಾಲುಬಾಯಿ ರೋಗ ಹರಡದಂತೆ ತಡೆಯಲು ಲಸಿಕಾ ಕಾರ್ಯಕ್ರಮ ನಡೆಸಲಾಗುತ್ತಿದೆ. ಎಲ್ಲಾ ದನ ಮತ್ತು ಎಮ್ಮೆಗಳಿಗೆ ಪ್ರತಿ 6 ತಿಂಗಳಿಗೊಮ್ಮೆ ಲಸಿಕೆ ನೀಡಬೇಕು. 3 ತಿಂಗಳ ಮೇಲ್ಪಟ್ಟ ಕರುಗಳಿಗೆ ಲಸಿಕೆ ಹಾಕಿಸಬೇಕು. ಈ ಸಂಕ್ರಾಮಿಕ ರೋಗದಿಂದ ಹಾಲು ಉತ್ಪಾದನೆ ಕಡಿಮೆಯಾಗುತ್ತದೆ. ಎತ್ತುಗಳ ಕೆಲಸದ ಸಾಮರ್ಥ್ಯ ಕುಗ್ಗುತ್ತದೆ. ರೈತರು ಸಹಕರಿಸಬೇಕು. ಲಸಿಕೆ ನೀಡಲು ಪಶು ಇಲಾಖೆ ಸಿಬ್ಬಂದಿ ಮನೆ ಬಾಗಿಲಿಗೆ ಬರಲಿದ್ದಾರೆ. ಜಾನುವಾರುಗಳಿಗೆ ಕಿವಿ ಓಲೆ ಹಾಕಿದ ನಂತರ ಲಸಿಕೆ ನೀಡಲಾಗುವುದು ಎಂದರು. ಲಸಿಕೆ ಹಾಕಲು 7 ನೇ ಸುತ್ತಿನಲ್ಲಿ ಲಸಿಕಾದಾರರು ತಂಡ ರಚಿಸಲಾಗಿದೆ. ತಾಲೂಕಿನಲ್ಲಿ 50 ಸಾವಿರ ಲಸಿಕೆ ದಾಸ್ತಾನು ಇದೆ. ಲಸಿಕಾ ಸಂದರ್ಭದಲ್ಲಿ ಜಾನುವಾರುಗಳನ್ನು ಮನೆಯಲ್ಲೇ ಕಟ್ಟಿಹಾಕಿ ಸಹಕರಿಸಬೇಕು. ಹಿಂದಿನ ಸುತ್ತುಗಳಲ್ಲಿ ಉತ್ತಮ ಸ್ಪಂದನೆ ದೊರೆತಿದೆ. ಮೊದಲ ಬಾರಿಗೆ ಜಾನುವಾರುಗಳ ಮಾಲೀಕರ ಮಾಹಿತಿ ದಾಖಲಿಸಲಾಗುವುದು. ಜಿಲ್ಲೆಯಲ್ಲಿ 20 ನೇ ಜಾನುವಾರು ಗಣತಿ ಪ್ರಕಾರ ತಾಲೂಕಿನಲ್ಲಿ 57090 ದನ ಮತ್ತು 6 ನೇ ಸುತ್ತಿನಲ್ಲಿ 45304 ಜಾನುವಾರುಗಳಿಗೆ ಲಸಿಕೆ ಹಾಕಲಾಗಿತ್ತು. ಈ ಬಾರಿ ಶೇ.100 ಜಾನುವಾರುಗಳಿಗೆ ಲಸಿಕೆ ಹಾಕುವ ಗುರಿ ಹೊಂದಲಾಗಿದೆ. ಕಾರ್ಯಕ್ರಮಕ್ಕೆ ಸಕಲ ಸಿದ್ಧತೆ ಮಾಡಿಕೊಳ್ಳಲಾಗಿದೆ. ಲಸಿಕಾ ಕಾರ್ಯಕ್ರಮಕ್ಕೆ ತಾಲೂಕಿನಲ್ಲಿ 10 ತಾಂತ್ರಿಕ ಅಧಿಕಾರಿಗಳು, 25 ಅರೆ ತಾಂತ್ರಿಕ ಸಿಬ್ಬಂದಿಗಳು, 22 ಡಿ ದರ್ಜೆ ನೌಕರರು, 27 ಕೆಎಂಎಫ್ ಮತ್ತು ಪಶುಸಖಿಯರು ಸೇರಿ ಒಟ್ಟು 84 ಸಿಬ್ಬಂದಿಗಳನ್ನು ನಿಯೋಜಿಸಲಾಗಿದೆ ಎಂದು ತಿಳಿಸಿದರು.
ಸಂಸ್ಕಾರ ಶಿಬಿರ ಯಶಸ್ವಿ
ತುಮಕೂರು: ಕೊರಟಗೆರೆ ತಾಲ್ಲೂಕಿನ ಎಲೆರಾಂಪುರದಲ್ಲಿನ ಕುಂಚಿಟಿಗ ಮಹಾ ಸಂಸ್ಥಾನ ಮಠದಲ್ಲಿ ಶೇಕ ಪರವಾಗ 10 ದಿನ ಗಳ ಸಂಸ್ಕಾರ ಶಿಬಿರವನ್ನು ಆಯೋಜಿಸಲಾಗಿತ್ತು. ಬೆಂಗಳೂರು ಸರ್ದಾರ್ ಕಾಲೇಜು ಆಫ್ ಹೋಟೆಲ್ ಮ್ಯಾನೇಜ್ಮೆಂಟ್ ಪ್ರಾಂಶುಪಾಲರಾದ ಮಾದೇಶ್. ಶಿಬಿರದಲ್ಲಿ ಶ್ರೀಮಠದಲ್ಲಿ ಕಲಿತ ಪ್ರತಿ ಒಂದೊಂದು ಜ್ಞಾನವನ್ನು ನಿಮ್ಮ ಭವಿಷ್ಯಕ್ಕೆ ದಾರಿದೀಪವಾಗಲಿದೆ. ಈ ಸದವಕಾಶವನ್ನು ಸದುಪಯೋಗಪಡಿಸಿಕೊಳ್ಳಬೇಕು. ಕಾರ್ಯಕ್ರಮದಲ್ಲಿ ಮುಖ್ಯ ಅತಿಥಿಗಳಾಗಿ ಶ್ರೀ ನಿಡುಮಾಮಿಡಿ ಮಹಾಸಂಸ್ಥಾನ ಪೀಠದ ಶ್ರೀ ವೀರಭದ್ರ ಚನ್ನಮಲ್ಲ ಸ್ವಾಮೀಜಿ ಅವರ ಸಮ್ಮುಖದಲ್ಲಿ ನಡೆಯಿತು. ಶಿಬಿರದಲ್ಲಿ ಮಕ್ಕಳಿಗೆ ಯೋಗ, ಧ್ಯಾನ, ಭಜನೆ, ಸಂಸ್ಕೃತ ಶ್ಲೋಕ, ನೈತಿಕ ಶಿಕ್ಷಣ, ಸಾಂಸ್ಕೃತಿಕ ಚಟುವಟಿಕೆಗಳನ್ನು ಕಲಿಸಲಾಯಿತು. ಹತ್ತು ದಿನಗಳ ಸಂಸ್ಕಾರ ಶಿಬಿರ ಯಶಸ್ವಿಯಾಗಿ ಪೂರ್ಣಗೊಂಡಿತು. ಈ ಸಂಸ್ಕಾರ ಶಿಬಿರದಿಂದ ಮಕ್ಕಳ ವ್ಯಕ್ತಿತ್ವ ವಿಕಸನವಾಗುತ್ತದೆ. ಇಂತಹ ಶಿಬಿರಗಳ ಅಗತ್ಯವಿದೆ. ಶ್ರೀಮಠದ ಸಂಸ್ಕಾರ ಶಿಬಿರ ಪ್ರತಿವರ್ಷ ನಡೆಯುತ್ತದೆ. ರೂಪಗೊಳ್ಳುತ್ತಿರುವುದು ಹರ್ಷದಾಯಕವಾಗಿದೆ. ಇಲ್ಲಿ ಕಲಿಯುವ ವಿಚಾರಗಳು ಜೀವನ ಪೂರ್ತಿಯಾಗಿ ಸ್ಮರಿಸಬೇಕು ಎಂದರು.
ಶ್ರೀ ಮಠವು ಕಲಿಸಿ ಪ್ರತಿಯೊಂದು ಜ್ಞಾನವನ್ನು ನಿಮ್ಮ ಭವಿಷ್ಯಕ್ಕೆ ನಿಮ್ಮ ಜೀವನ ಬದಲಾಯಿಸುವಂತೆ ಬಳಸಿ. ಅತ್ಯುತ್ತಮ ಸಂಸ್ಕಾರವನ್ನು ಶ್ರೀಮಠವು ನೀಡುತ್ತಿದೆ. ಮಕ್ಕಳು ಇಂತಹ ಶಿಬಿರಗಳಲ್ಲಿ ಭಾಗವಹಿಸುವುದರಿಂದ ಉತ್ತಮ ನಾಗರಿಕರಾಗಲು ಸಾಧ್ಯ. ಪೋಷಕರು ಮಕ್ಕಳಿಗೆ ಧಾರ್ಮಿಕ ಸಂಸ್ಕಾರ ನೀಡಬೇಕು. ಶಿಬಿರಾರ್ಥಿಗಳು ತಮ್ಮ ಅನುಭವಗಳನ್ನು ಹಂಚಿಕೊಂಡರು. ಕಾರ್ಯಕ್ರಮದಲ್ಲಿ ಡಾ.ಸಿ.ನಂಜುಂಡಯ್ಯ, ಸಂಪಾದಕರು, ಹಿರಿಯ ಮುಖಂಡರು ಉಪಸ್ಥಿತರಿದ್ದರು. ಪ್ರಾರ್ಥನೆಯೊಂದಿಗೆ ಕಾರ್ಯಕ್ರಮ ಆರಂಭವಾಯಿತು. ಉಪನ್ಯಾಸಕರಾದ ಡಾ ಶ್ರೀನಿವಾಸ ರೆಡ್ಡಿ ಹಾಗೂ ಅತಿಥಿಗಳು ಉಪಸ್ಥಿತರಿದ್ದರು ಶಿಬಿರದ ನೂರಾರು ವಿದ್ಯಾರ್ಥಿಗಳು ಪಾಲ್ಗೊಂಡಿದ್ದರು.
ಗ್ರಾಮಲೆಕ್ಕಿಗರಿಗೆ ಅನುಕೂಲ: ಶುಭಾಕಲ್ಯಾಣ್
ರಾಜಸ್ವ ನಿರೀಕ್ಷಕರು, ಗ್ರಾಮಲೆಕ್ಕಿಗರಿಗೆ ಲ್ಯಾಪ್‌ಟಾಪ್, ಸ್ಮಾರ್ಟ್‌ಫೋನ್ ವಿತರಣೆ
ತುಮಕೂರು: ಜಿಲ್ಲಾಧಿಕಾರಿ ಶುಭಕಲ್ಯಾಣ್ ಅವರು ಜಿಲ್ಲೆಯ ಚಿಕ್ಕನಾಯಕನಹಳ್ಳಿ ತಾಲ್ಲೂಕಿನ 39 ಮಂದಿ ರಾಜಸ್ವ ನಿರೀಕ್ಷಕರು ಹಾಗೂ ಗ್ರಾಮ ಲೆಕ್ಕಿಗರಿಗೆ ಕಂದಾಯ ಇಲಾಖೆಯ ಲ್ಯಾಪ್ ಟಾಪ್, ಬಿಕ್ಷಾತಿಪ್ಪಾಯನ್ನು ವಿತರಿಸಿ ಹಲವು ಬೆಳೆಗಳ ಸ್ಮಾರ್ಟ್ ಫೋನ್‌ಗಳನ್ನು ವಿತರಿಸಿದರು. ಬಳಿಕ ಮಾತನಾಡಿದ ಅವರು, ಚಿಕ್ಕನಾಯಕನಹಳ್ಳಿ ತಾಲ್ಲೂಕು ಕಚೇರಿಯ ಸಭಾಂಗಣದಲ್ಲಿ ಆಯೋಜಿಸಿದ್ದ ಕಾರ್ಯಕ್ರಮದಲ್ಲಿ ಮಾತನಾಡಿದ ಅವರು, ರಾಜ್ಯದಲ್ಲಿಯೇ ಪ್ರಥಮವಾಗಿ ಎಸ್.ಪಿ. ಜಾಯಿಂಟ್ ಟ್ರಸ್ಟ್ ವತಿಯಿಂದ ಲ್ಯಾಪ್‌ಟಾಪ್, ಸ್ಮಾರ್ಟ್ ಫೋನ್‌ಗಳನ್ನು ವಿತರಿಸಲಾಗುತ್ತಿದೆ. ಗ್ರಾಮ ಲೆಕ್ಕಿಗರು ತಮ್ಮ ಕಾರ್ಯನಿರ್ವಹಣೆಯಲ್ಲಿ ಇವುಗಳನ್ನು ಬಳಸಿಕೊಳ್ಳಬೇಕು. ಕಂದಾಯ ಇಲಾಖೆಯ ಎಲ್ಲ ಕೆಲಸಗಳನ್ನು ಆನ್‌ಲೈನ್ ಮೂಲಕ ನಿರ್ವಹಿಸಲು ಲ್ಯಾಪ್ ಟಾಪ್ ಅತ್ಯವಶ್ಯಕ. ಜನರಿಗೆ ಸಕಾಲದಲ್ಲಿ ಸೇವೆ ಒದಗಿಸಬೇಕು. ಇ-ಆಫೀಸ್ ವ್ಯವಸ್ಥೆಯ ಮೂಲಕ ಕಡತ ವಿಲೇವಾರಿ ಮಾಡಬೇಕು. ಪಹಣಿ, ಪೋಡಿ ಹಾಗೂ ದಾಖಲೆ ತಿದ್ದುಪಡಿ ಕಾರ್ಯ ಶೀಘ್ರವಾಗಬೇಕು. ಕಂದಾಯ ಇಲಾಖೆಯಲ್ಲಿ ಸಾಕಷ್ಟು ಸುಧಾರಣೆ ತರಲಾಗುತ್ತಿದೆ. ಭೂ ದಾಖಲೆಗಳ ಡಿಜಿಟಲೀಕರಣ ನಡೆಯುತ್ತಿದೆ. ಎಸ್.ಪಿ. ಜಾಯಿಂಟ್ ಟ್ರಸ್ಟ್ ವತಿಯಿಂದ ಒದಗಿಸಿದ ಉಪಕರಣಗಳನ್ನು ಸದ್ಬಳಕೆ ಮಾಡಿಕೊಳ್ಳಬೇಕು. ಕಂದಾಯ ಇಲಾಖೆಯಲ್ಲಿ ಅಧಿಕ ಸಂಖ್ಯೆಯ ಅರ್ಜಿಗಳು ಬಾಕಿ ಇವೆ. ಪ್ರತಿ ತಿಂಗಳು ಪ್ರಗತಿ ಪರಿಶೀಲಿಸಲಾಗುವುದು. ಕಂದಾಯ ಸಂಬಂಧಿತ ಕೆಲಸಗಳಲ್ಲಿ ವಿಳಂಬ ಮಾಡಬಾರದು. ನಮ್ಮಲ್ಲಿ ಮಾತ್ರ ಅನೇಕರು ಪಹಣಿ ಹೊಂದಿಲ್ಲ. ಸರ್ವೆ
Lenovo
ನಂಬರ್ ಬಾಕಿಯಿದೆ. ಜನರಿಗೆ ಮಂಜೂರು ಮಾಡಿದ್ದರೂ ಅವರಿಗೆ ಜಮೀನು ಕೊಟ್ಟಿಲ್ಲವೆಂದು ದೂರುಗಳು ಬರುತ್ತಲೇ ಇವೆ. ಈ ನಿಟ್ಟಿನಲ್ಲಿ ಜನರು ಕಚೇರಿಗಳಿಗೆ ಅಲೆಯುವುದನ್ನು ತಪ್ಪಿಸಬೇಕು. ಗ್ರಾಮ ಲೆಕ್ಕಿಗರು ಜನರ ಸಮಸ್ಯೆಗಳನ್ನು ಆಲಿಸಿ ಪರಿಹರಿಸಬೇಕು. ಕಂದಾಯ ಸಮಸ್ಯೆಗಳ ಬಗ್ಗೆ ಜಾಗೃತರಾಗಿರಬೇಕು. ಪ್ರತಿ ಗ್ರಾಮದಲ್ಲೂ ಕಂದಾಯ ಅದಾಲತ್ ನಡೆಸಲಾಗುತ್ತಿದೆ. ಸಾರ್ವಜನಿಕರ ಅರ್ಜಿಗಳನ್ನು ತ್ವರಿತವಾಗಿ ವಿಲೇವಾರಿ ಮಾಡಬೇಕು. ಪೌತಿ ಖಾತೆ ಆಂದೋಲನ ಯಶಸ್ವಿಯಾಗಬೇಕು. ಸರ್ಕಾರದ ಯೋಜನೆಗಳು ಅರ್ಹರಿಗೆ ತಲುಪಬೇಕು ಎಂದರು. ತಹಶೀಲ್ದಾರ್ ಪುರಂದರ್ ಮಾತನಾಡಿ ಜಿಲ್ಲಾಧಿಕಾರಿಗಳು ಕಂದಾಯ ಇಲಾಖೆಗೆ ಹೊಸ ರೂಪ ನೀಡಿದ್ದಾರೆ ಎಂದರು. ಟ್ರಸ್ಟ್ ಮೂಲಕ ಯೋಜನೆಯನ್ನು ಅನುಷ್ಠಾನಗೊಳಿಸಿ ಉಚಿತವಾಗಿ ಲ್ಯಾಪ್‌ಟಾಪ್ ಹಾಗೂ ಮೊಬೈಲ್‌ಗಳನ್ನು ವಿತರಿಸಲಾಗುತ್ತಿದೆ. ಇದರ ಸಂಪೂರ್ಣ ವೆಚ್ಚವನ್ನು ಟ್ರಸ್ಟ್ ಭರಿಸಿದೆ. ಎಲ್ಲಾ ಇಲಾಖೆಯ ಮಾತ್ರ ಇಲಾಖೆ ಕಂದಾಯ
ಇಲಾಖೆ. ಎಲ್ಲಾ ಹಂತಗಳಲ್ಲೂ ನೋಡಿದಾಗ ಕಂದಾಯ ಇಲಾಖೆಯನ್ನು ಜನರು ಅವಲಂಬಿಸಿದ್ದಾರೆ. ಜನಸೇವೆ ಮಾಡುವಾಗ ನೌಕರರು ಜನರ ಸಮಸ್ಯೆಯನ್ನು ಅರಿತು ಕೆಲಸ ಮಾಡಬೇಕು. ಸರ್ಕಾರಿ ನೌಕರರು ಪ್ರಾಮಾಣಿಕವಾಗಿ ಕಾರ್ಯನಿರ್ವಹಿಸಬೇಕು. ಕೆಲಸದಲ್ಲಿ ಬದ್ಧತೆ ಇರಬೇಕು. ತಂತ್ರಜ್ಞಾನದ ಸದುಪಯೋಗ ಮಾಡಿಕೊಳ್ಳಬೇಕು. ಗ್ರಾಮ ಲೆಕ್ಕಿಗರು ವೃತ್ತಿಪರತೆ ಮೆರೆಯಬೇಕು. ಸಮಾಜದಲ್ಲಿ ಗೌರವ ಗಳಿಸಬೇಕು. ಕಾರ್ಯಕ್ರಮದಲ್ಲಿ ಗ್ರಾಮ ಲೆಕ್ಕಿಗರಿಗೆ ಲ್ಯಾಪ್ ಟಾಪ್ ನೀಡಿ ಶುಭ ಕೋರಲಾಯಿತು. ಅಧಿಕಾರಿಗಳು ಹಾಗೂ ಸಿಬ್ಬಂದಿ ವರ್ಗ ಹಾಜರಿದ್ದರು. ಕಾರ್ಯಕ್ರಮದಲ್ಲಿ ಎಸ್.ಪಿ ಜಾಯಿಂಟ್ ಟ್ರಸ್ಟ್ ಮುಖ್ಯಸ್ಥರಾದ ನವೀನ್ ಕುಮಾರ್ ತಿಳಿಸಿದರು. ಉಪವಿಭಾಗಾಧಿಕಾರಿ ಸಪ್ತಶ್ರೀ, ತಹಸೀಲ್ದಾರ್ ಪುರಂದರ್ ಮಾತನಾಡಿದರು. ಶಿರಾ ತಹಸೀಲ್ದಾರ್ ಸತ್ಯನಾರಾಯಣ, ಇತರೆ ದೊಡ್ಡಮಲ್ಲಯ್ಯ ಹಾಗೂ ಇತರರಿದ್ದರು.
